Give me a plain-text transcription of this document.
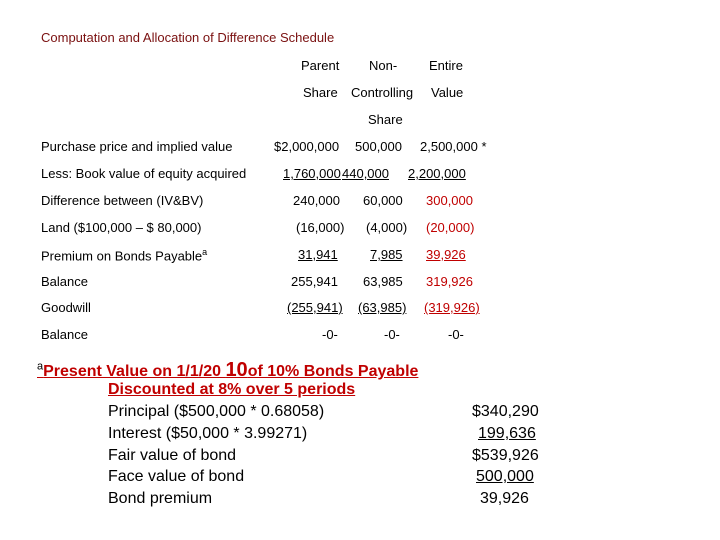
Computation and Allocation of Difference Schedule
Parent
Share
Non-
Controlling
Share
Entire
Value
Purchase price and implied value	$2,000,000 500,000 2,500,000 *
Less: Book value of equity acquired	1,760,000 440,000 2,200,000
Difference between (IV&BV)	240,000 60,000 300,000
Land ($100,000 – $ 80,000)	(16,000) (4,000) (20,000)
Premium on Bonds Payable$^a$	31,941 7,985 39,926
Balance	255,941 63,985 319,926
Goodwill	(255,941) (63,985) (319,926)
Balance	-0-	-0-	-0-
$^a$Present Value on 1/1/20 10of 10% Bonds Payable
Discounted at 8% over 5 periods
Principal ($500,000 * 0.68058)	$340,290
Interest ($50,000 * 3.99271)	199,636
Fair value of bond	$539,926
Face value of bond	500,000
Bond premium	39,926
